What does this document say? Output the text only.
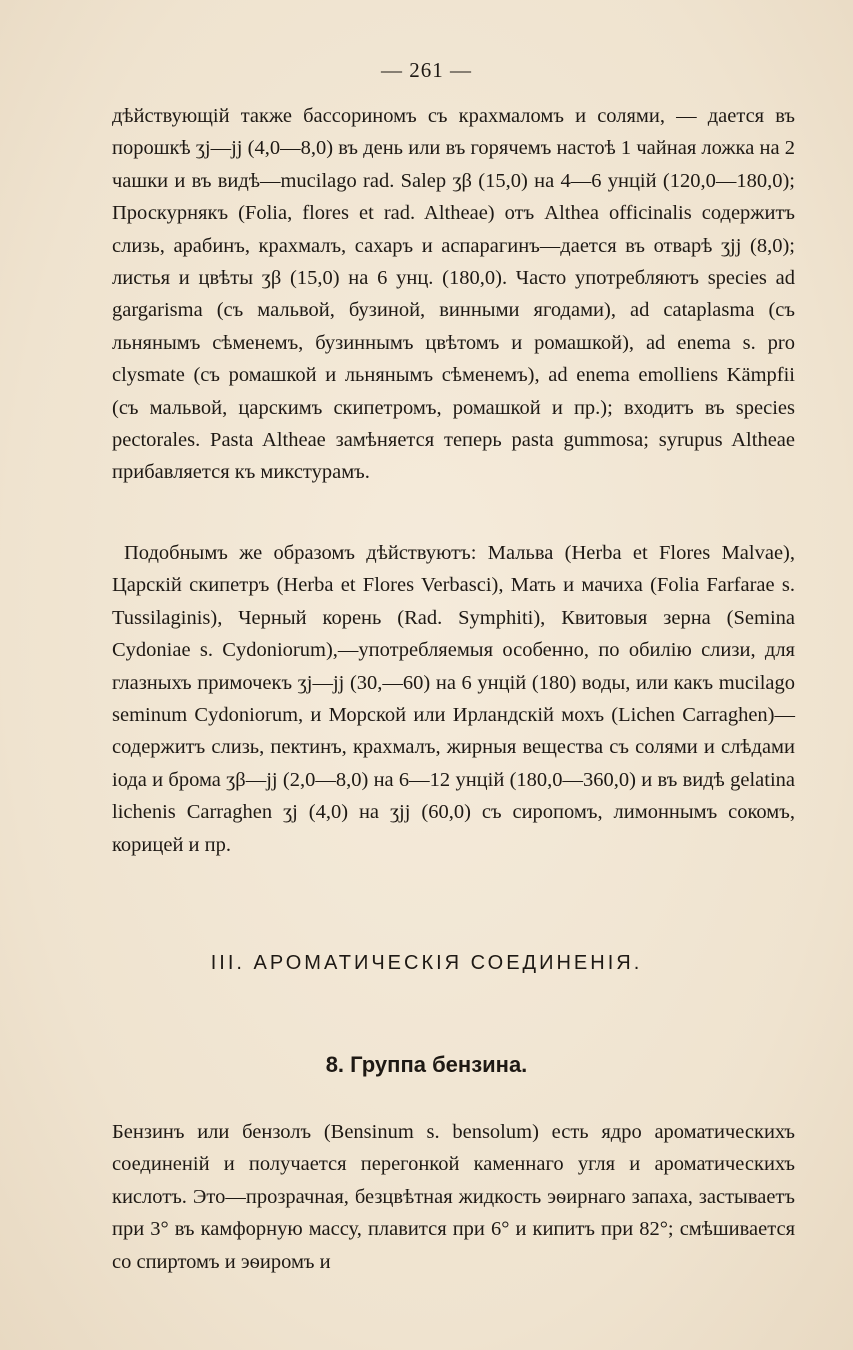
— 261 —

дѣйствующій также бассориномъ съ крахмаломъ и солями, — дается въ порошкѣ ʒj—jj (4,0—8,0) въ день или въ горячемъ настоѣ 1 чайная ложка на 2 чашки и въ видѣ—mucilago rad. Salep ʒβ (15,0) на 4—6 унцій (120,0—180,0); Проскурнякъ (Folia, flores et rad. Altheae) отъ Althea officinalis содержитъ слизь, арабинъ, крахмалъ, сахаръ и аспарагинъ—дается въ отварѣ ʒjj (8,0); листья и цвѣты ʒβ (15,0) на 6 унц. (180,0). Часто употребляютъ species ad gargarisma (съ мальвой, бузиной, винными ягодами), ad cataplasma (съ льнянымъ сѣменемъ, бузиннымъ цвѣтомъ и ромашкой), ad enema s. pro clysmate (съ ромашкой и льнянымъ сѣменемъ), ad enema emolliens Kämpfii (съ мальвой, царскимъ скипетромъ, ромашкой и пр.); входитъ въ species pectorales. Pasta Altheae замѣняется теперь pasta gummosa; syrupus Altheae прибавляется къ микстурамъ.

Подобнымъ же образомъ дѣйствуютъ: Мальва (Herba et Flores Malvae), Царскій скипетръ (Herba et Flores Verbasci), Мать и мачиха (Folia Farfarae s. Tussilaginis), Черный корень (Rad. Symphiti), Квитовыя зерна (Semina Cydoniae s. Cydoniorum),—употребляемыя особенно, по обилію слизи, для глазныхъ примочекъ ʒj—jj (30,—60) на 6 унцій (180) воды, или какъ mucilago seminum Cydoniorum, и Морской или Ирландскій мохъ (Lichen Carraghen)—содержитъ слизь, пектинъ, крахмалъ, жирныя вещества съ солями и слѣдами іода и брома ʒβ—jj (2,0—8,0) на 6—12 унцій (180,0—360,0) и въ видѣ gelatina lichenis Carraghen ʒj (4,0) на ʒjj (60,0) съ сиропомъ, лимоннымъ сокомъ, корицей и пр.

III. АРОМАТИЧЕСКІЯ СОЕДИНЕНІЯ.
8. Группа бензина.

Бензинъ или бензолъ (Bensinum s. bensolum) есть ядро ароматическихъ соединеній и получается перегонкой каменнаго угля и ароматическихъ кислотъ. Это—прозрачная, безцвѣтная жидкость эѳирнаго запаха, застываетъ при 3° въ камфорную массу, плавится при 6° и кипитъ при 82°; смѣшивается со спиртомъ и эѳиромъ и
